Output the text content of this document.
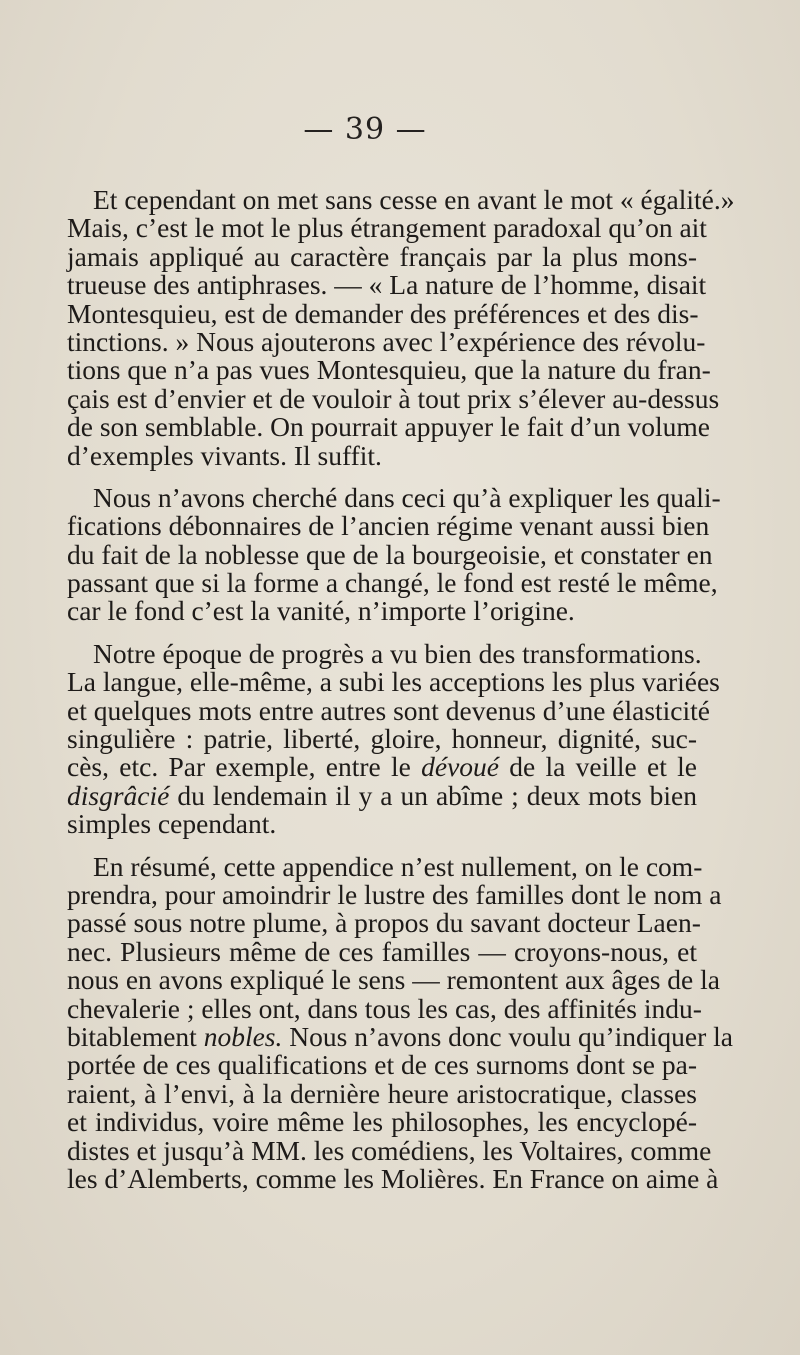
— 39 —

Et cependant on met sans cesse en avant le mot « égalité.»
Mais, c’est le mot le plus étrangement paradoxal qu’on ait
jamais appliqué au caractère français par la plus mons-
trueuse des antiphrases. — « La nature de l’homme, disait
Montesquieu, est de demander des préférences et des dis-
tinctions. » Nous ajouterons avec l’expérience des révolu-
tions que n’a pas vues Montesquieu, que la nature du fran-
çais est d’envier et de vouloir à tout prix s’élever au-dessus
de son semblable. On pourrait appuyer le fait d’un volume
d’exemples vivants. Il suffit.

Nous n’avons cherché dans ceci qu’à expliquer les quali-
fications débonnaires de l’ancien régime venant aussi bien
du fait de la noblesse que de la bourgeoisie, et constater en
passant que si la forme a changé, le fond est resté le même,
car le fond c’est la vanité, n’importe l’origine.

Notre époque de progrès a vu bien des transformations.
La langue, elle-même, a subi les acceptions les plus variées
et quelques mots entre autres sont devenus d’une élasticité
singulière : patrie, liberté, gloire, honneur, dignité, suc-
cès, etc. Par exemple, entre le dévoué de la veille et le
disgrâcié du lendemain il y a un abîme ; deux mots bien
simples cependant.

En résumé, cette appendice n’est nullement, on le com-
prendra, pour amoindrir le lustre des familles dont le nom a
passé sous notre plume, à propos du savant docteur Laen-
nec. Plusieurs même de ces familles — croyons-nous, et
nous en avons expliqué le sens — remontent aux âges de la
chevalerie ; elles ont, dans tous les cas, des affinités indu-
bitablement nobles. Nous n’avons donc voulu qu’indiquer la
portée de ces qualifications et de ces surnoms dont se pa-
raient, à l’envi, à la dernière heure aristocratique, classes
et individus, voire même les philosophes, les encyclopé-
distes et jusqu’à MM. les comédiens, les Voltaires, comme
les d’Alemberts, comme les Molières. En France on aime à
